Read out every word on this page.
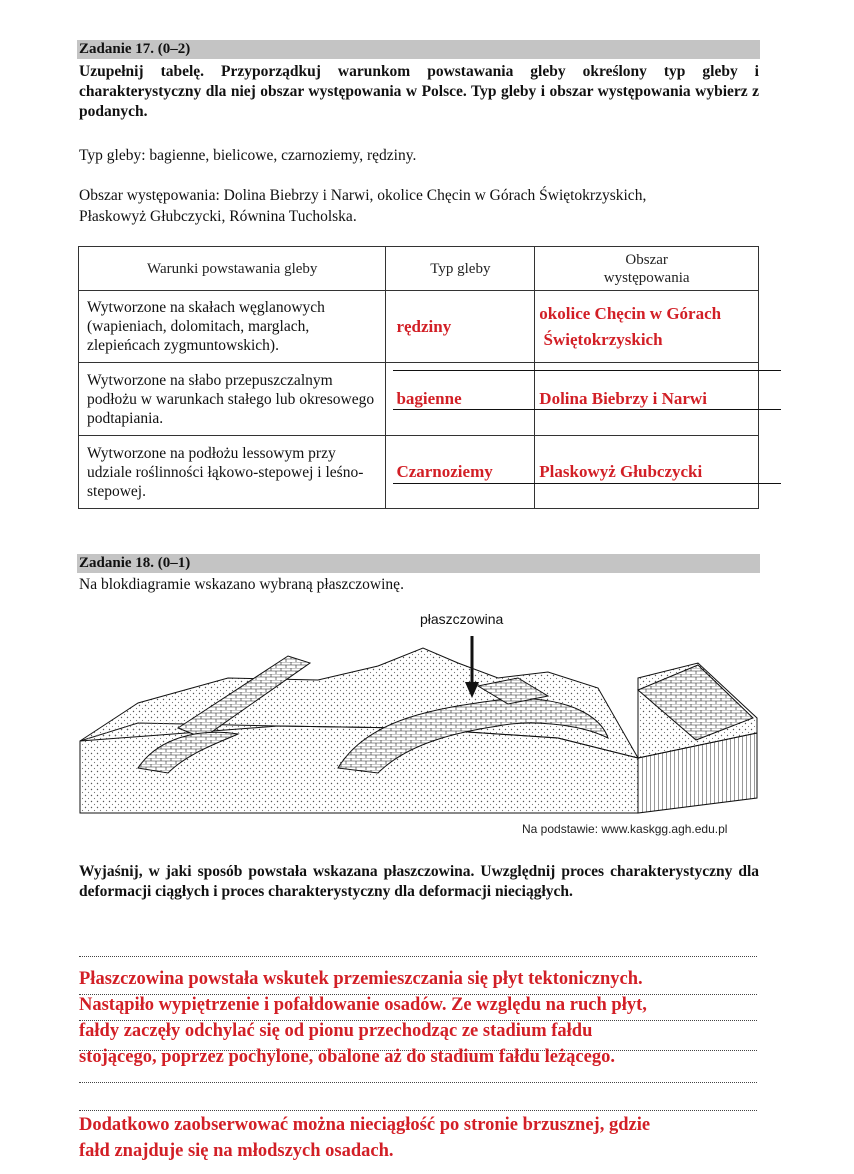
Zadanie 17. (0–2)
Uzupełnij tabelę. Przyporządkuj warunkom powstawania gleby określony typ gleby i charakterystyczny dla niej obszar występowania w Polsce. Typ gleby i obszar występowania wybierz z podanych.
Typ gleby: bagienne, bielicowe, czarnoziemy, rędziny.
Obszar występowania: Dolina Biebrzy i Narwi, okolice Chęcin w Górach Świętokrzyskich,
Płaskowyż Głubczycki, Równina Tucholska.
Warunki powstawania gleby	Typ gleby	Obszar
występowania

Wytworzone na skałach węglanowych (wapieniach, dolomitach, marglach, zlepieńcach zygmuntowskich).	rędziny	okolice Chęcin w Górach
Świętokrzyskich

Wytworzone na słabo przepuszczalnym podłożu w warunkach stałego lub okresowego podtapiania.	bagienne	Dolina Biebrzy i Narwi
Wytworzone na podłożu lessowym przy udziale roślinności łąkowo-stepowej i leśno-stepowej.	Czarnoziemy	Plaskowyż Głubczycki
Zadanie 18. (0–1)
Na blokdiagramie wskazano wybraną płaszczowinę.
płaszczowina
Na podstawie: www.kaskgg.agh.edu.pl
Wyjaśnij, w jaki sposób powstała wskazana płaszczowina. Uwzględnij proces charakterystyczny dla deformacji ciągłych i proces charakterystyczny dla deformacji nieciągłych.
Płaszczowina powstała wskutek przemieszczania się płyt tektonicznych.
Nastąpiło wypiętrzenie i pofałdowanie osadów. Ze względu na ruch płyt,
fałdy zaczęły odchylać się od pionu przechodząc ze stadium fałdu
stojącego, poprzez pochylone, obalone aż do stadium fałdu leżącego.
Dodatkowo zaobserwować można nieciągłość po stronie brzusznej, gdzie
fałd znajduje się na młodszych osadach.
